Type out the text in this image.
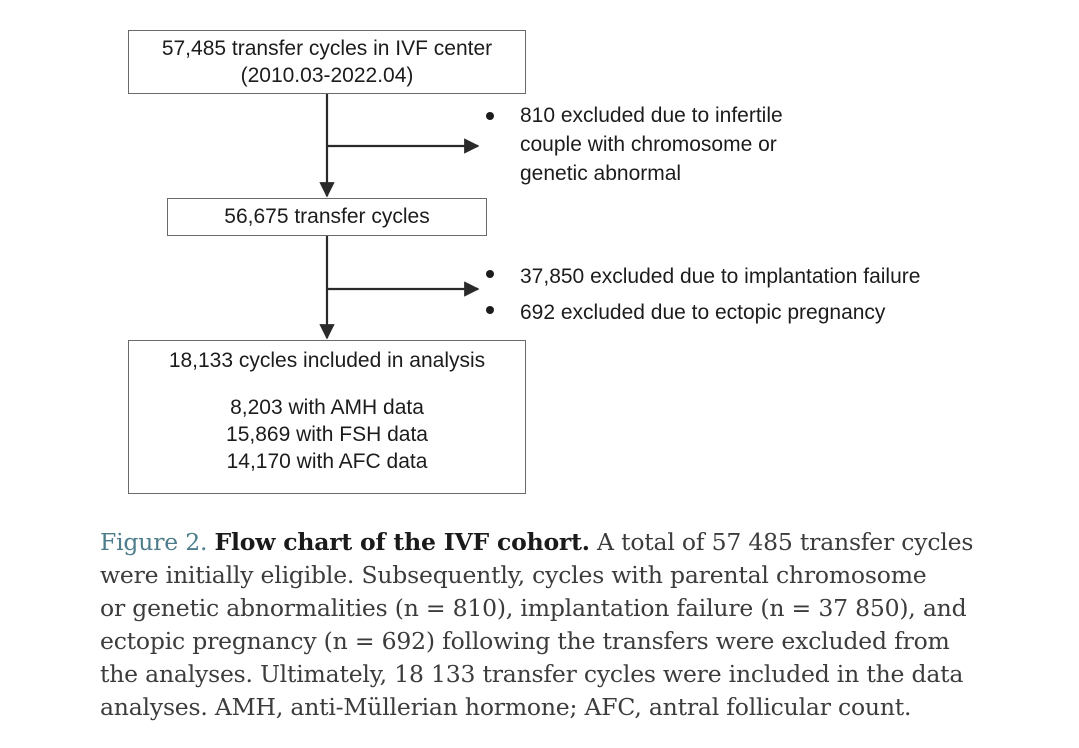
57,485 transfer cycles in IVF center
(2010.03-2022.04)
810 excluded due to infertile
couple with chromosome or
genetic abnormal
56,675 transfer cycles
37,850 excluded due to implantation failure
692 excluded due to ectopic pregnancy
18,133 cycles included in analysis
8,203 with AMH data
15,869 with FSH data
14,170 with AFC data
Figure 2. Flow chart of the IVF cohort. A total of 57 485 transfer cycles
were initially eligible. Subsequently, cycles with parental chromosome
or genetic abnormalities (n = 810), implantation failure (n = 37 850), and
ectopic pregnancy (n = 692) following the transfers were excluded from
the analyses. Ultimately, 18 133 transfer cycles were included in the data
analyses. AMH, anti-Müllerian hormone; AFC, antral follicular count.
